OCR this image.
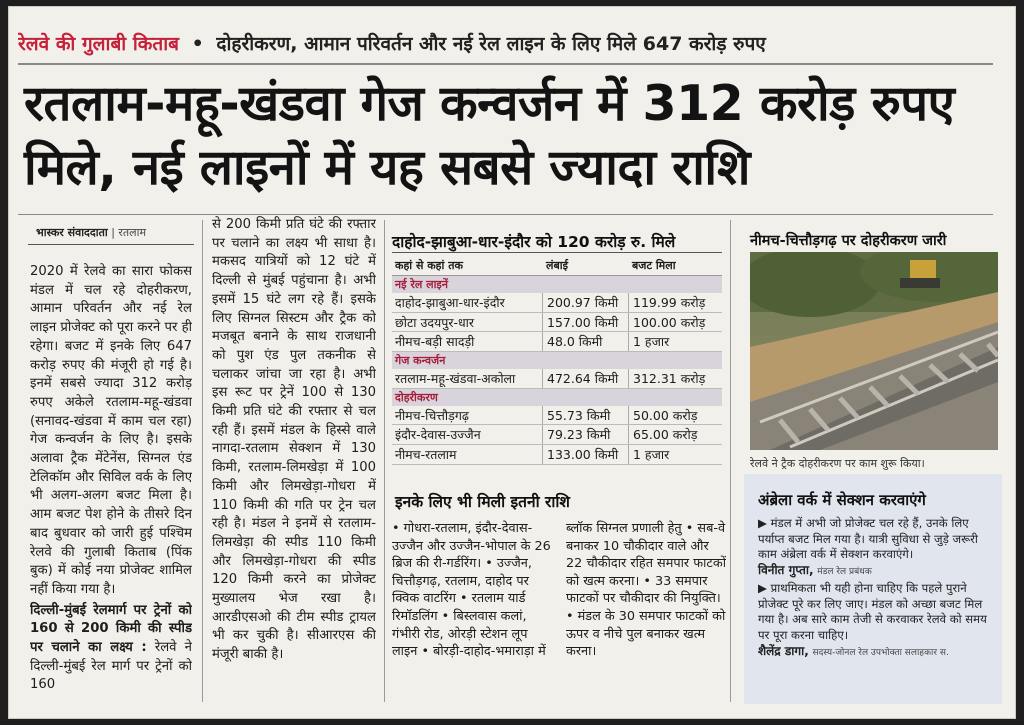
रेलवे की गुलाबी किताब • दोहरीकरण, आमान परिवर्तन और नई रेल लाइन के लिए मिले 647 करोड़ रुपए
रतलाम-महू-खंडवा गेज कन्वर्जन में 312 करोड़ रुपए मिले, नई लाइनों में यह सबसे ज्यादा राशि
भास्कर संवाददाता | रतलाम

2020 में रेलवे का सारा फोकस मंडल में चल रहे दोहरीकरण, आमान परिवर्तन और नई रेल लाइन प्रोजेक्ट को पूरा करने पर ही रहेगा। बजट में इनके लिए 647 करोड़ रुपए की मंजूरी हो गई है। इनमें सबसे ज्यादा 312 करोड़ रुपए अकेले रतलाम-महू-खंडवा (सनावद-खंडवा में काम चल रहा) गेज कन्वर्जन के लिए है। इसके अलावा ट्रैक मेंटेनेंस, सिग्नल एंड टेलिकॉम और सिविल वर्क के लिए भी अलग-अलग बजट मिला है। आम बजट पेश होने के तीसरे दिन बाद बुधवार को जारी हुई पश्चिम रेलवे की गुलाबी किताब (पिंक बुक) में कोई नया प्रोजेक्ट शामिल नहीं किया गया है।

दिल्ली-मुंबई रेलमार्ग पर ट्रेनों को 160 से 200 किमी की स्पीड पर चलाने का लक्ष्य : रेलवे ने दिल्ली-मुंबई रेल मार्ग पर ट्रेनों को 160

से 200 किमी प्रति घंटे की रफ्तार पर चलाने का लक्ष्य भी साधा है। मकसद यात्रियों को 12 घंटे में दिल्ली से मुंबई पहुंचाना है। अभी इसमें 15 घंटे लग रहे हैं। इसके लिए सिग्नल सिस्टम और ट्रैक को मजबूत बनाने के साथ राजधानी को पुश एंड पुल तकनीक से चलाकर जांचा जा रहा है। अभी इस रूट पर ट्रेनें 100 से 130 किमी प्रति घंटे की रफ्तार से चल रही हैं। इसमें मंडल के हिस्से वाले नागदा-रतलाम सेक्शन में 130 किमी, रतलाम-लिमखेड़ा में 100 किमी और लिमखेड़ा-गोधरा में 110 किमी की गति पर ट्रेन चल रही है। मंडल ने इनमें से रतलाम-लिमखेड़ा की स्पीड 110 किमी और लिमखेड़ा-गोधरा की स्पीड 120 किमी करने का प्रोजेक्ट मुख्यालय भेज रखा है। आरडीएसओ की टीम स्पीड ट्रायल भी कर चुकी है। सीआरएस की मंजूरी बाकी है।

दाहोद-झाबुआ-धार-इंदौर को 120 करोड़ रु. मिले
कहां से कहां तक	लंबाई	बजट मिला
नई रेल लाइनें
दाहोद-झाबुआ-धार-इंदौर	200.97 किमी	119.99 करोड़
छोटा उदयपुर-धार	157.00 किमी	100.00 करोड़
नीमच-बड़ी सादड़ी	48.0 किमी	1 हजार
गेज कन्वर्जन
रतलाम-महू-खंडवा-अकोला	472.64 किमी	312.31 करोड़
दोहरीकरण
नीमच-चित्तौड़गढ़	55.73 किमी	50.00 करोड़
इंदौर-देवास-उज्जैन	79.23 किमी	65.00 करोड़
नीमच-रतलाम	133.00 किमी	1 हजार
इनके लिए भी मिली इतनी राशि
• गोधरा-रतलाम, इंदौर-देवास-उज्जैन और उज्जैन-भोपाल के 26 ब्रिज की री-गर्डरिंग। • उज्जैन, चित्तौड़गढ़, रतलाम, दाहोद पर क्विक वाटरिंग • रतलाम यार्ड रिमॉडलिंग • बिस्लवास कलां, गंभीरी रोड, ओरड़ी स्टेशन लूप लाइन • बोरड़ी-दाहोद-भमाराड़ा में
ब्लॉक सिग्नल प्रणाली हेतु • सब-वे बनाकर 10 चौकीदार वाले और 22 चौकीदार रहित समपार फाटकों को खत्म करना। • 33 समपार फाटकों पर चौकीदार की नियुक्ति। • मंडल के 30 समपार फाटकों को ऊपर व नीचे पुल बनाकर खत्म करना।
नीमच-चित्तौड़गढ़ पर दोहरीकरण जारी
रेलवे ने ट्रैक दोहरीकरण पर काम शुरू किया।
अंब्रेला वर्क में सेक्शन करवाएंगे
▶ मंडल में अभी जो प्रोजेक्ट चल रहे हैं, उनके लिए पर्याप्त बजट मिल गया है। यात्री सुविधा से जुड़े जरूरी काम अंब्रेला वर्क में सेक्शन करवाएंगे।
विनीत गुप्ता, मंडल रेल प्रबंधक
▶ प्राथमिकता भी यही होना चाहिए कि पहले पुराने प्रोजेक्ट पूरे कर लिए जाए। मंडल को अच्छा बजट मिल गया है। अब सारे काम तेजी से करवाकर रेलवे को समय पर पूरा करना चाहिए।
शैलेंद्र डागा, सदस्य-जोनल रेल उपभोक्ता सलाहकार स.
